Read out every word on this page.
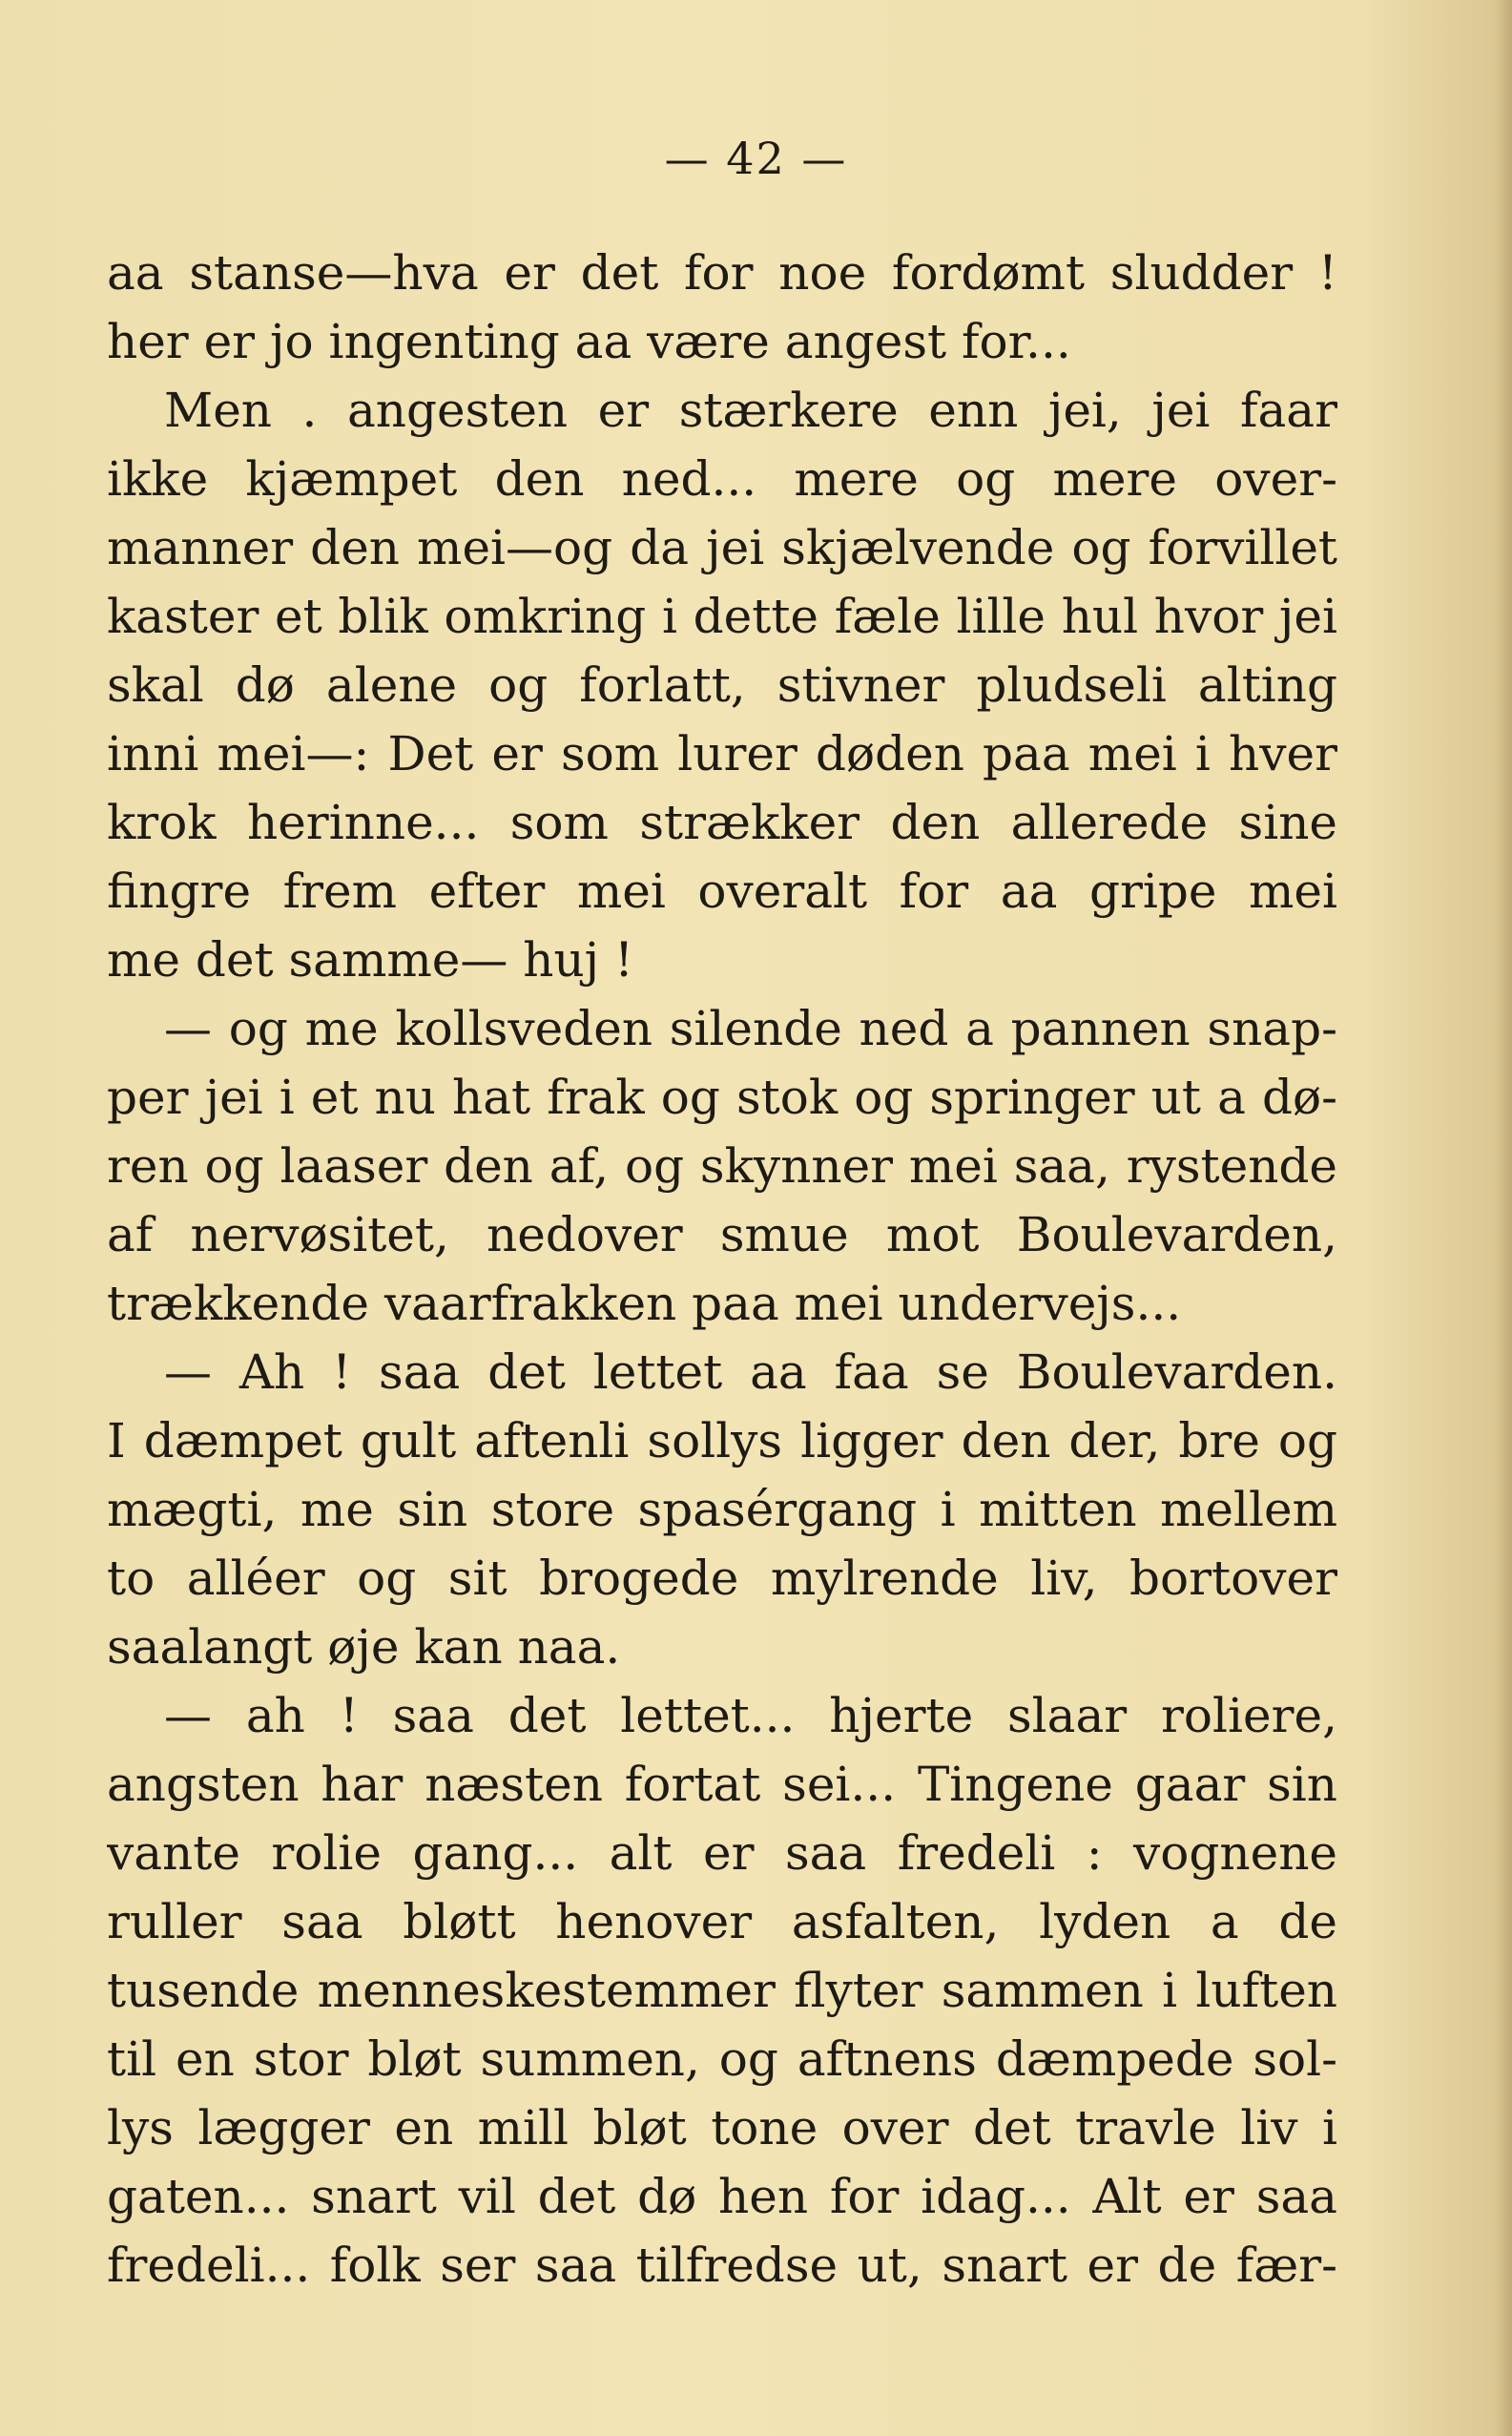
— 42 —
aa stanse—hva er det for noe fordømt sludder !
her er jo ingenting aa være angest for...
Men . angesten er stærkere enn jei, jei faar
ikke kjæmpet den ned... mere og mere over-
manner den mei—og da jei skjælvende og forvillet
kaster et blik omkring i dette fæle lille hul hvor jei
skal dø alene og forlatt, stivner pludseli alting
inni mei—: Det er som lurer døden paa mei i hver
krok herinne... som strækker den allerede sine
fingre frem efter mei overalt for aa gripe mei
me det samme— huj !
— og me kollsveden silende ned a pannen snap-
per jei i et nu hat frak og stok og springer ut a dø-
ren og laaser den af, og skynner mei saa, rystende
af nervøsitet, nedover smue mot Boulevarden,
trækkende vaarfrakken paa mei undervejs...
— Ah ! saa det lettet aa faa se Boulevarden.
I dæmpet gult aftenli sollys ligger den der, bre og
mægti, me sin store spasérgang i mitten mellem
to alléer og sit brogede mylrende liv, bortover
saalangt øje kan naa.
— ah ! saa det lettet... hjerte slaar roliere,
angsten har næsten fortat sei... Tingene gaar sin
vante rolie gang... alt er saa fredeli : vognene
ruller saa bløtt henover asfalten, lyden a de
tusende menneskestemmer flyter sammen i luften
til en stor bløt summen, og aftnens dæmpede sol-
lys lægger en mill bløt tone over det travle liv i
gaten... snart vil det dø hen for idag... Alt er saa
fredeli... folk ser saa tilfredse ut, snart er de fær-
